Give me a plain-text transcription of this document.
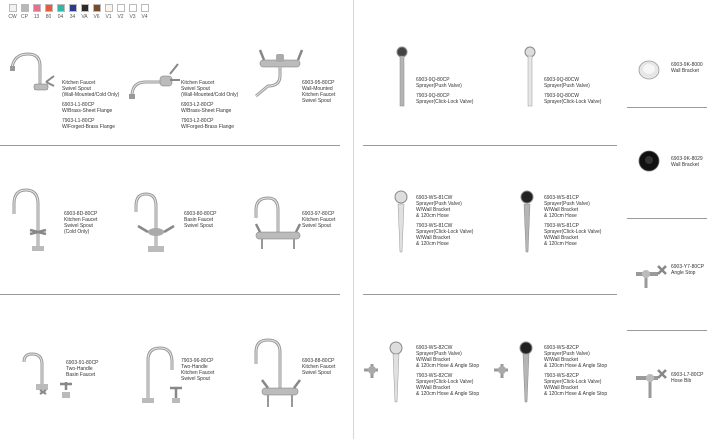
CW CP 13 80 04 34 VA V6 V1 V2 V3 V4
Kitchen Faucet
Swivel Spout
(Wall-Mounted/Cold Only)
6903-L1-80CP
W/Brass-Sheet Flange
7903-L1-80CP
W/Forged-Brass Flange
Kitchen Faucet
Swivel Spout
(Wall-Mounted/Cold Only)
6903-L2-80CP
W/Brass-Sheet Flange
7903-L2-80CP
W/Forged-Brass Flange
6903-95-80CP
Wall-Mounted
Kitchen Faucet
Swivel Spout
6903-8D-80CP
Kitchen Faucet
Swivel Spout
(Cold Only)
6903-80-80CP
Basin Faucet
Swivel Spout
6903-97-80CP
Kitchen Faucet
Swivel Spout
6903-91-80CP
Two-Handle
Basin Faucet
7903-96-80CP
Two-Handle
Kitchen Faucet
Swivel Spout
6903-88-80CP
Kitchen Faucet
Swivel Spout
6903-9Q-80CP
Sprayer(Push Valve)
7903-9Q-80CP
Sprayer(Click-Lock Valve)
6903-9Q-80CW
Sprayer(Push Valve)
7903-9Q-80CW
Sprayer(Click-Lock Valve)
6903-WS-81CW
Sprayer(Push Valve)
W/Wall Bracket
& 120cm Hose
7903-WS-81CW
Sprayer(Click-Lock Valve)
W/Wall Bracket
& 120cm Hose
6903-WS-81CP
Sprayer(Push Valve)
W/Wall Bracket
& 120cm Hose
7903-WS-81CP
Sprayer(Click-Lock Valve)
W/Wall Bracket
& 120cm Hose
6903-WS-82CW
Sprayer(Push Valve)
W/Wall Bracket
& 120cm Hose & Angle Stop
7903-WS-82CW
Sprayer(Click-Lock Valve)
W/Wall Bracket
& 120cm Hose & Angle Stop
6903-WS-82CP
Sprayer(Push Valve)
W/Wall Bracket
& 120cm Hose & Angle Stop
7903-WS-82CP
Sprayer(Click-Lock Valve)
W/Wall Bracket
& 120cm Hose & Angle Stop
6903-9K-8000
Wall Bracket
6903-9K-8029
Wall Bracket
6903-Y7-80CP
Angle Stop
6903-L7-80CP
Hose Bib
